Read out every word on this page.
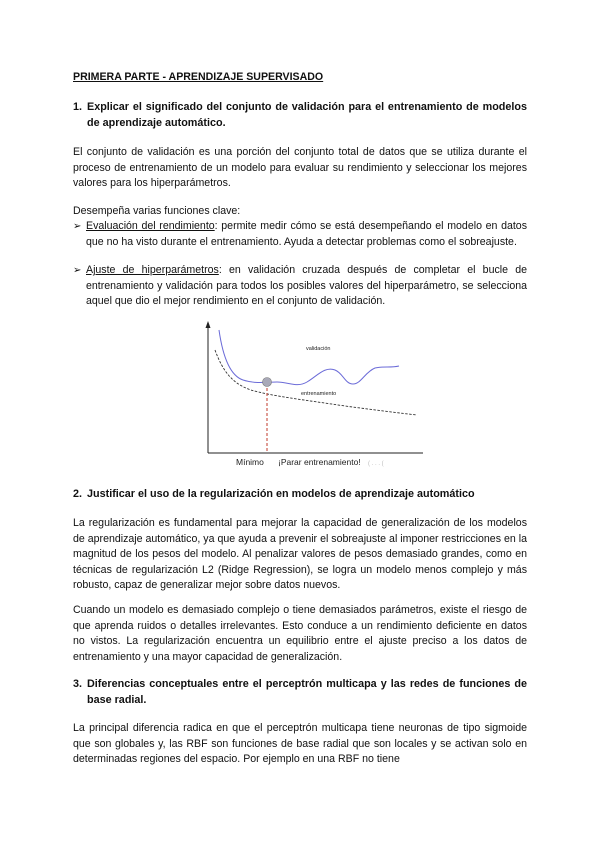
PRIMERA PARTE - APRENDIZAJE SUPERVISADO
1. Explicar el significado del conjunto de validación para el entrenamiento de modelos de aprendizaje automático.
El conjunto de validación es una porción del conjunto total de datos que se utiliza durante el proceso de entrenamiento de un modelo para evaluar su rendimiento y seleccionar los mejores valores para los hiperparámetros.
Desempeña varias funciones clave:
➢ Evaluación del rendimiento: permite medir cómo se está desempeñando el modelo en datos que no ha visto durante el entrenamiento. Ayuda a detectar problemas como el sobreajuste.
➢ Ajuste de hiperparámetros: en validación cruzada después de completar el bucle de entrenamiento y validación para todos los posibles valores del hiperparámetro, se selecciona aquel que dio el mejor rendimiento en el conjunto de validación.
validación
entrenamiento
Mínimo ¡Parar entrenamiento! ( . . . (
2. Justificar el uso de la regularización en modelos de aprendizaje automático
La regularización es fundamental para mejorar la capacidad de generalización de los modelos de aprendizaje automático, ya que ayuda a prevenir el sobreajuste al imponer restricciones en la magnitud de los pesos del modelo. Al penalizar valores de pesos demasiado grandes, como en técnicas de regularización L2 (Ridge Regression), se logra un modelo menos complejo y más robusto, capaz de generalizar mejor sobre datos nuevos.
Cuando un modelo es demasiado complejo o tiene demasiados parámetros, existe el riesgo de que aprenda ruidos o detalles irrelevantes. Esto conduce a un rendimiento deficiente en datos no vistos. La regularización encuentra un equilibrio entre el ajuste preciso a los datos de entrenamiento y una mayor capacidad de generalización.
3. Diferencias conceptuales entre el perceptrón multicapa y las redes de funciones de base radial.
La principal diferencia radica en que el perceptrón multicapa tiene neuronas de tipo sigmoide que son globales y, las RBF son funciones de base radial que son locales y se activan solo en determinadas regiones del espacio. Por ejemplo en una RBF no tiene
